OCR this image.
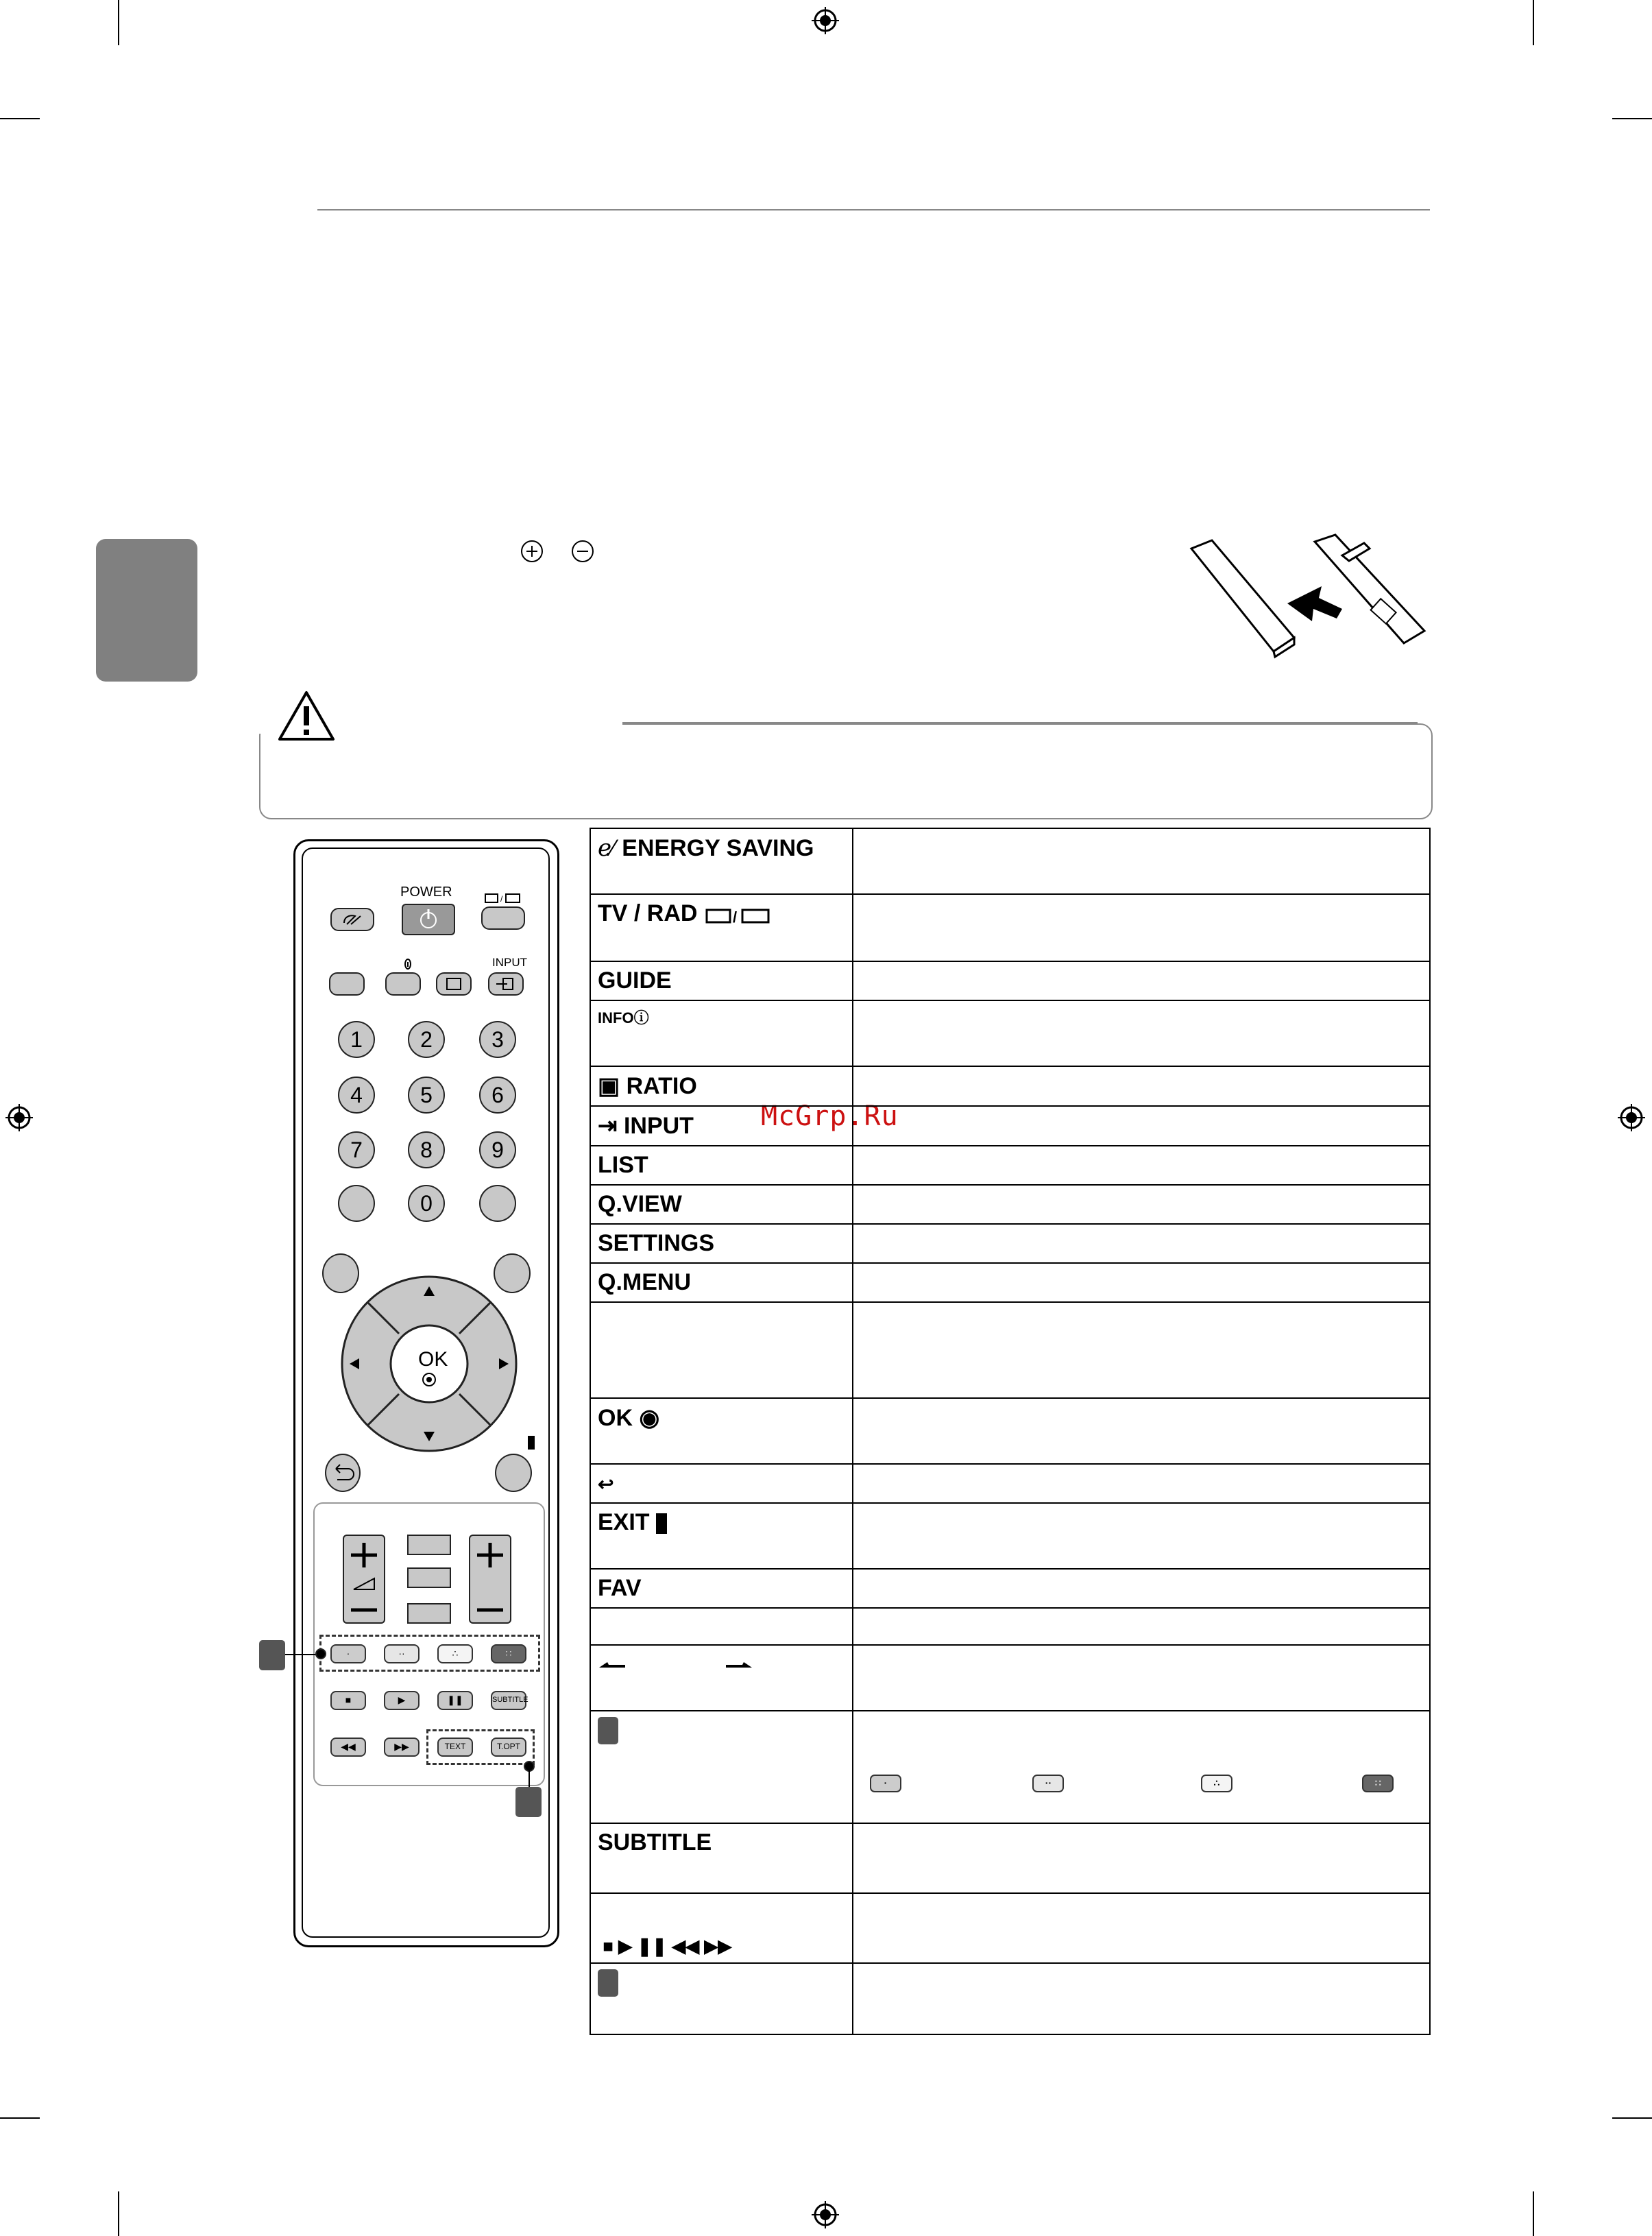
McGrp.Ru
POWER	/
INPUT
1	2	3
4	5	6
7	8	9
0
OK
·	··	∴	∷
■	▶	❚❚	SUBTITLE
◀◀	▶▶	TEXT	T.OPT
ℯ⁄ ENERGY SAVING	
TV / RAD /	

GUIDE	
INFOⓘ	
▣ RATIO	
⇥ INPUT	
LIST	
Q.VIEW	
SETTINGS	
Q.MENU	

OK ◉	
↩	
EXIT	
FAV	

	· ·· ∴ ∷
SUBTITLE	
■ ▶ ❚❚ ◀◀ ▶▶	
